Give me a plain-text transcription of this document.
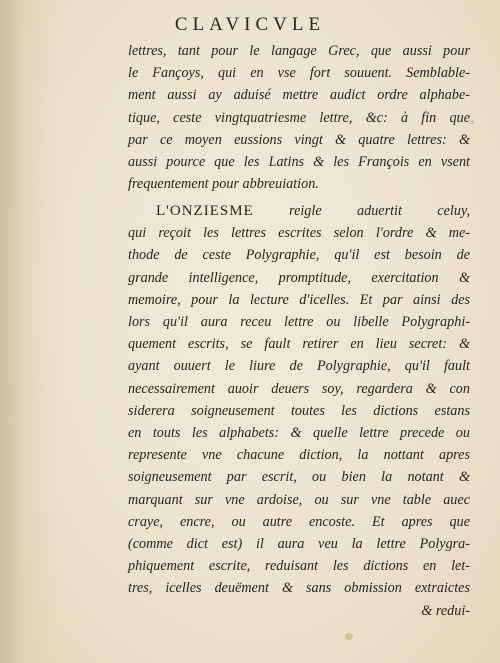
CLAVICVLE
lettres, tant pour le langage Grec, que aussi pour
le Fançoys, qui en vse fort souuent. Semblable-
ment aussi ay aduisé mettre audict ordre alphabe-
tique, ceste vingtquatriesme lettre, &c: à fin que
par ce moyen eussions vingt & quatre lettres: &
aussi pource que les Latins & les François en vsent
frequentement pour abbreuiation.
L'ONZIESME reigle aduertit celuy,
qui reçoit les lettres escrites selon l'ordre & me-
thode de ceste Polygraphie, qu'il est besoin de
grande intelligence, promptitude, exercitation &
memoire, pour la lecture d'icelles. Et par ainsi des
lors qu'il aura receu lettre ou libelle Polygraphi-
quement escrits, se fault retirer en lieu secret: &
ayant ouuert le liure de Polygraphie, qu'il fault
necessairement auoir deuers soy, regardera & con
siderera soigneusement toutes les dictions estans
en touts les alphabets: & quelle lettre precede ou
represente vne chacune diction, la nottant apres
soigneusement par escrit, ou bien la notant &
marquant sur vne ardoise, ou sur vne table auec
craye, encre, ou autre encoste. Et apres que
(comme dict est) il aura veu la lettre Polygra-
phiquement escrite, reduisant les dictions en let-
tres, icelles deuëment & sans obmission extraictes
& redui-
